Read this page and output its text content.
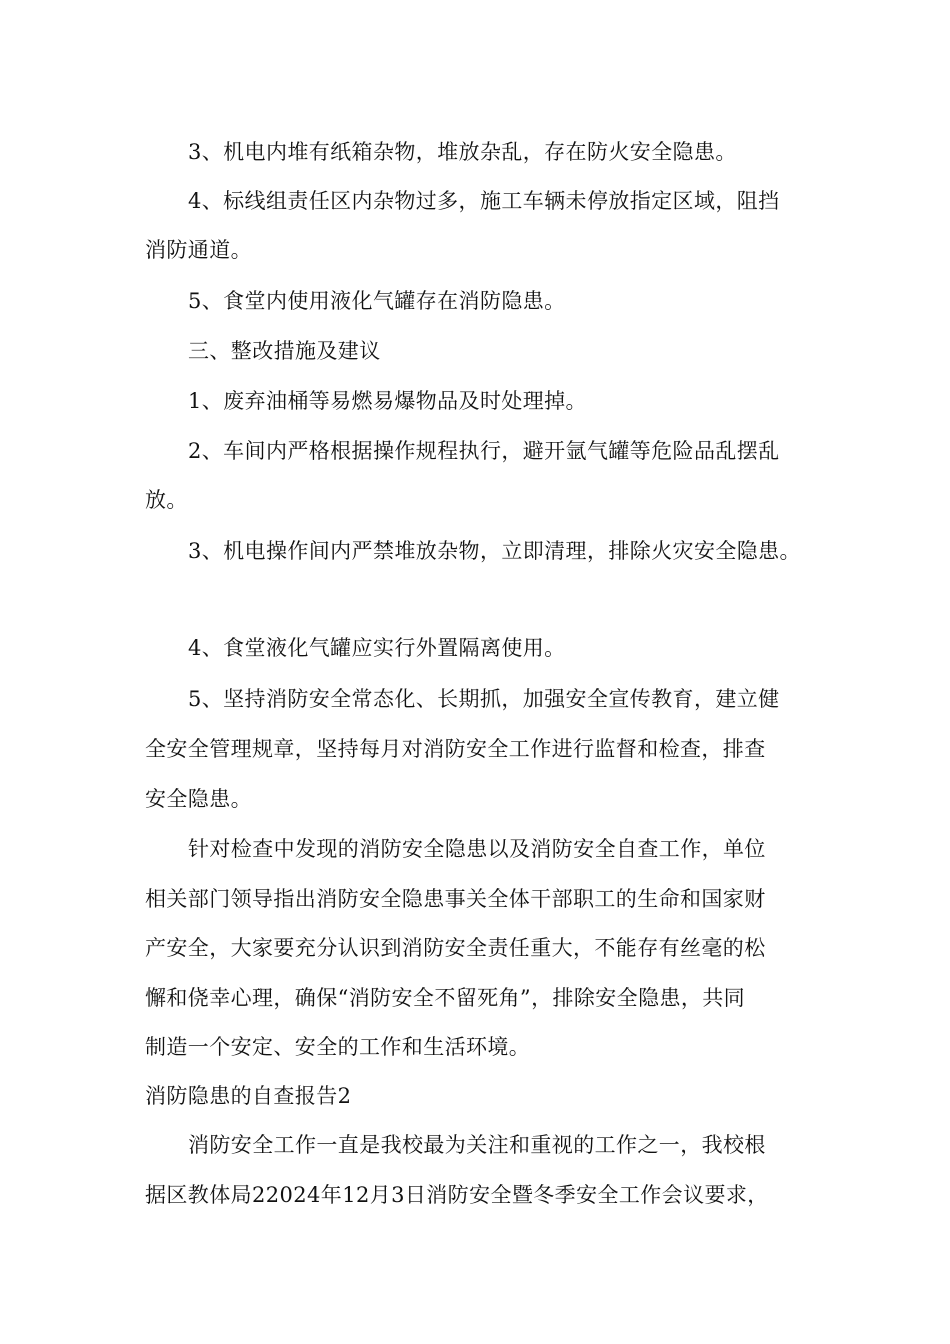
3、机电内堆有纸箱杂物，堆放杂乱，存在防火安全隐患。
4、标线组责任区内杂物过多，施工车辆未停放指定区域，阻挡
消防通道。
5、食堂内使用液化气罐存在消防隐患。
三、整改措施及建议
1、废弃油桶等易燃易爆物品及时处理掉。
2、车间内严格根据操作规程执行，避开氩气罐等危险品乱摆乱
放。
3、机电操作间内严禁堆放杂物，立即清理，排除火灾安全隐患。
4、食堂液化气罐应实行外置隔离使用。
5、坚持消防安全常态化、长期抓，加强安全宣传教育，建立健
全安全管理规章，坚持每月对消防安全工作进行监督和检查，排查
安全隐患。
针对检查中发现的消防安全隐患以及消防安全自查工作，单位
相关部门领导指出消防安全隐患事关全体干部职工的生命和国家财
产安全，大家要充分认识到消防安全责任重大，不能存有丝毫的松
懈和侥幸心理，确保“消防安全不留死角”，排除安全隐患，共同
制造一个安定、安全的工作和生活环境。
消防隐患的自查报告2
消防安全工作一直是我校最为关注和重视的工作之一，我校根
据区教体局22024年12月3日消防安全暨冬季安全工作会议要求，
